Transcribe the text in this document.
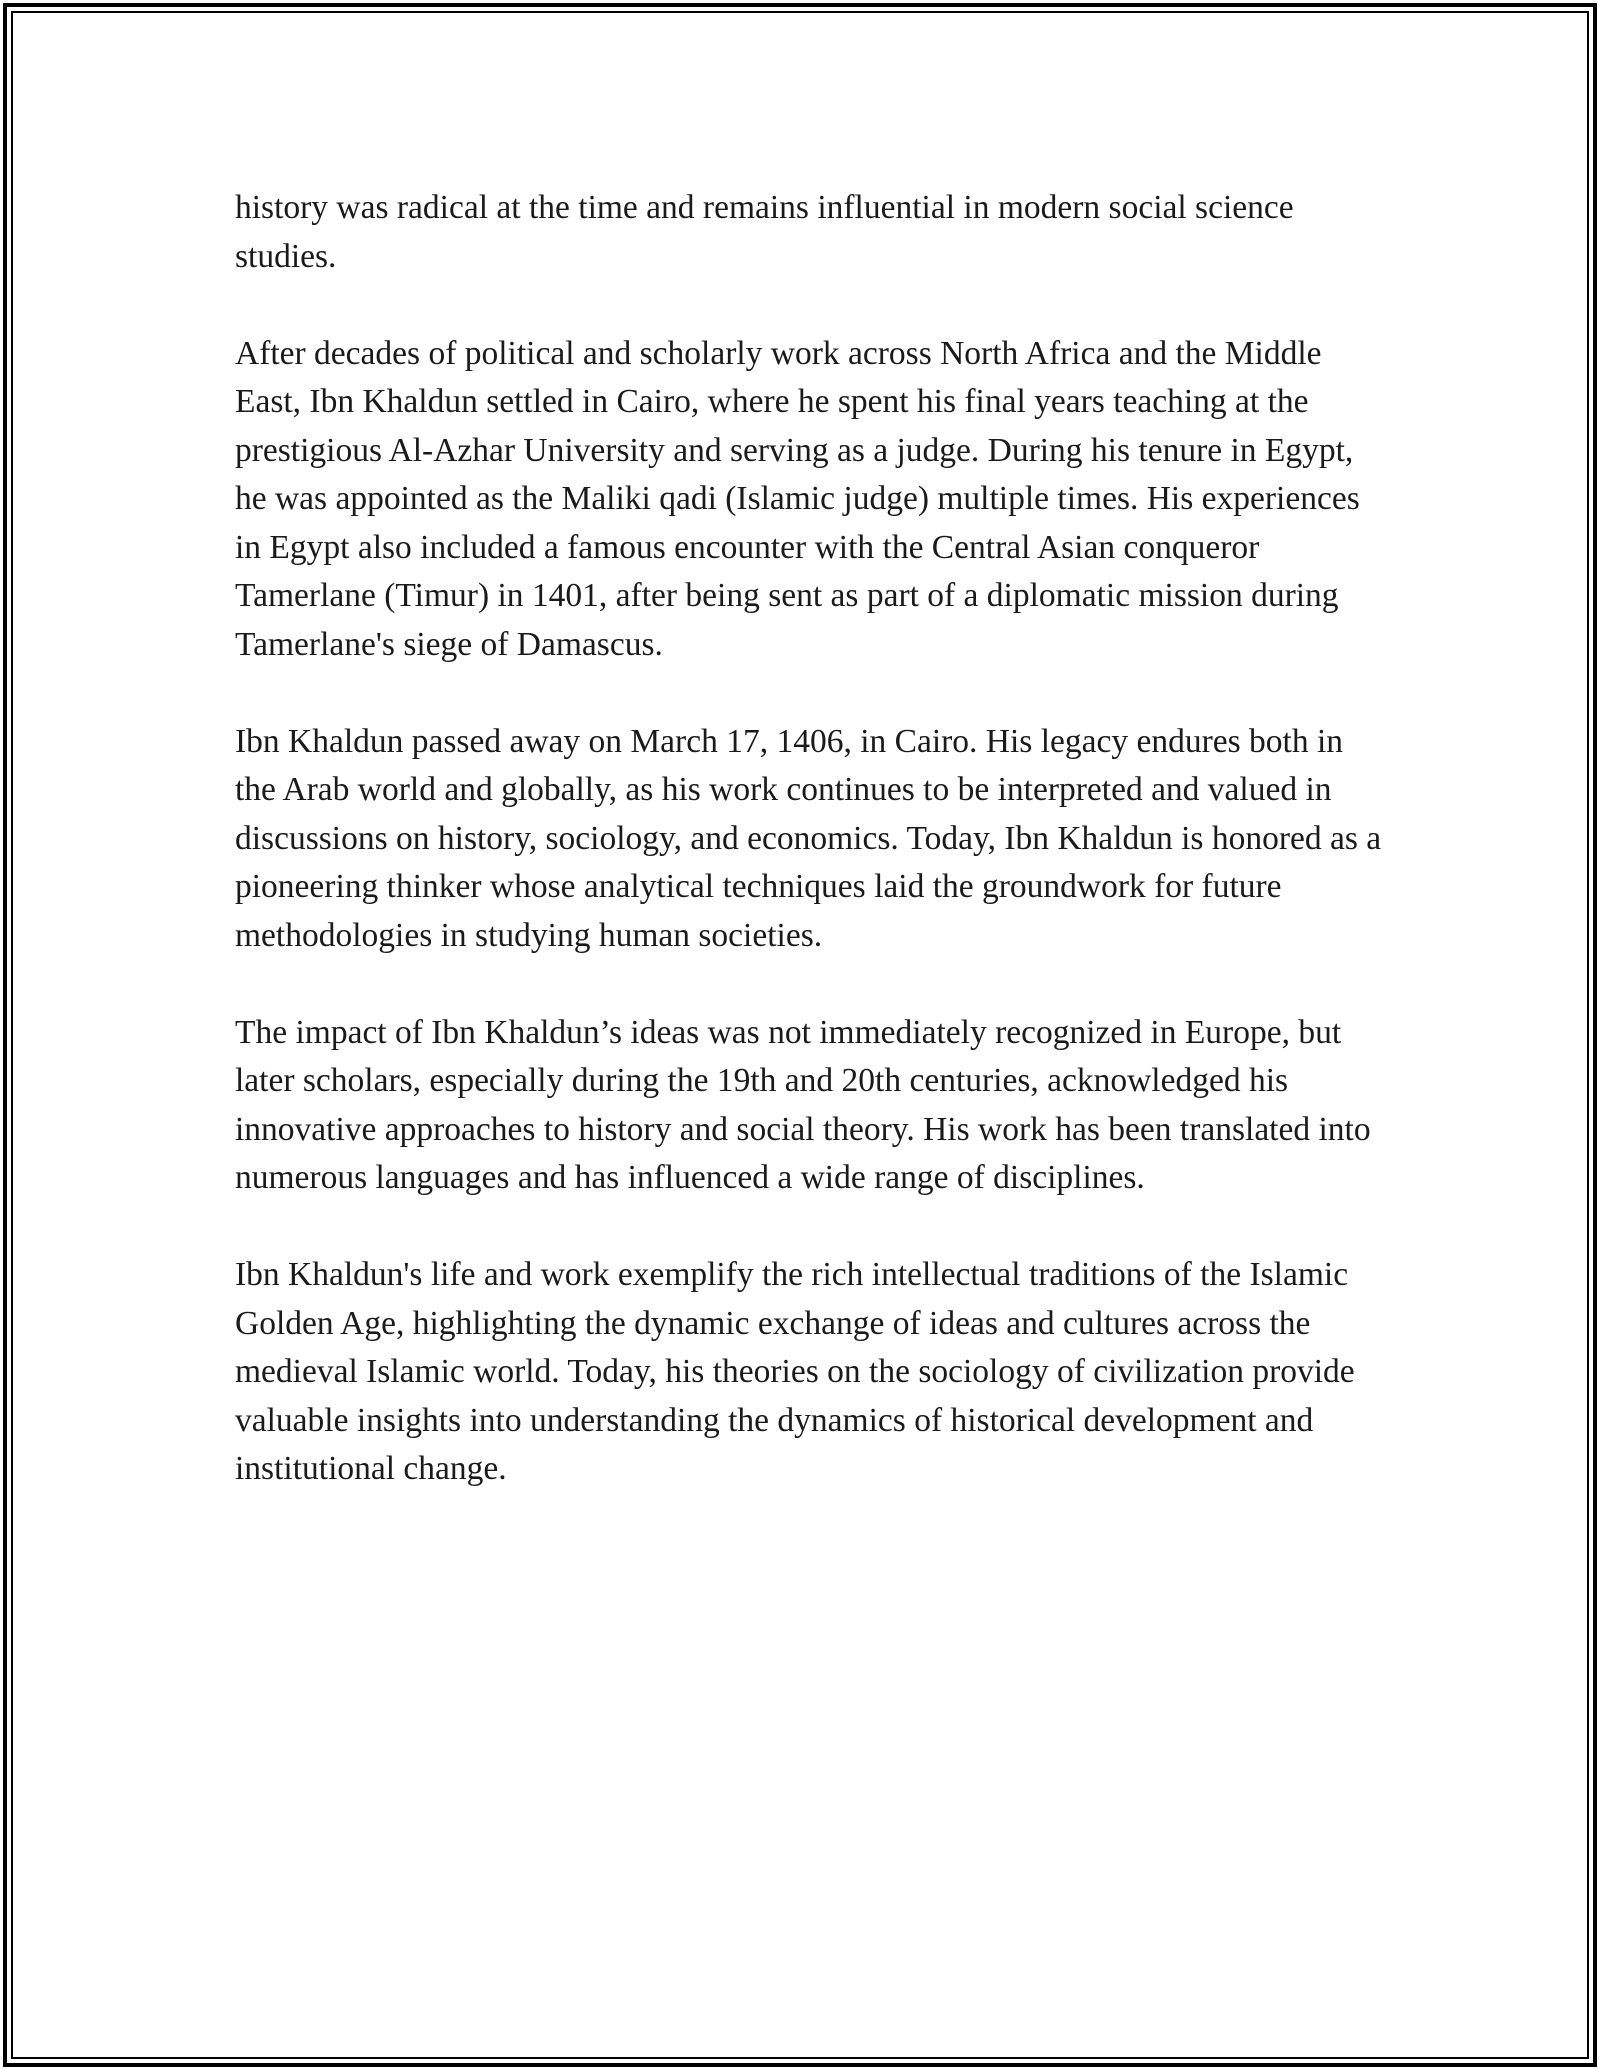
history was radical at the time and remains influential in modern social science studies.

After decades of political and scholarly work across North Africa and the Middle East, Ibn Khaldun settled in Cairo, where he spent his final years teaching at the prestigious Al-Azhar University and serving as a judge. During his tenure in Egypt, he was appointed as the Maliki qadi (Islamic judge) multiple times. His experiences in Egypt also included a famous encounter with the Central Asian conqueror Tamerlane (Timur) in 1401, after being sent as part of a diplomatic mission during Tamerlane's siege of Damascus.

Ibn Khaldun passed away on March 17, 1406, in Cairo. His legacy endures both in the Arab world and globally, as his work continues to be interpreted and valued in discussions on history, sociology, and economics. Today, Ibn Khaldun is honored as a pioneering thinker whose analytical techniques laid the groundwork for future methodologies in studying human societies.

The impact of Ibn Khaldun’s ideas was not immediately recognized in Europe, but later scholars, especially during the 19th and 20th centuries, acknowledged his innovative approaches to history and social theory. His work has been translated into numerous languages and has influenced a wide range of disciplines.

Ibn Khaldun's life and work exemplify the rich intellectual traditions of the Islamic Golden Age, highlighting the dynamic exchange of ideas and cultures across the medieval Islamic world. Today, his theories on the sociology of civilization provide valuable insights into understanding the dynamics of historical development and institutional change.
